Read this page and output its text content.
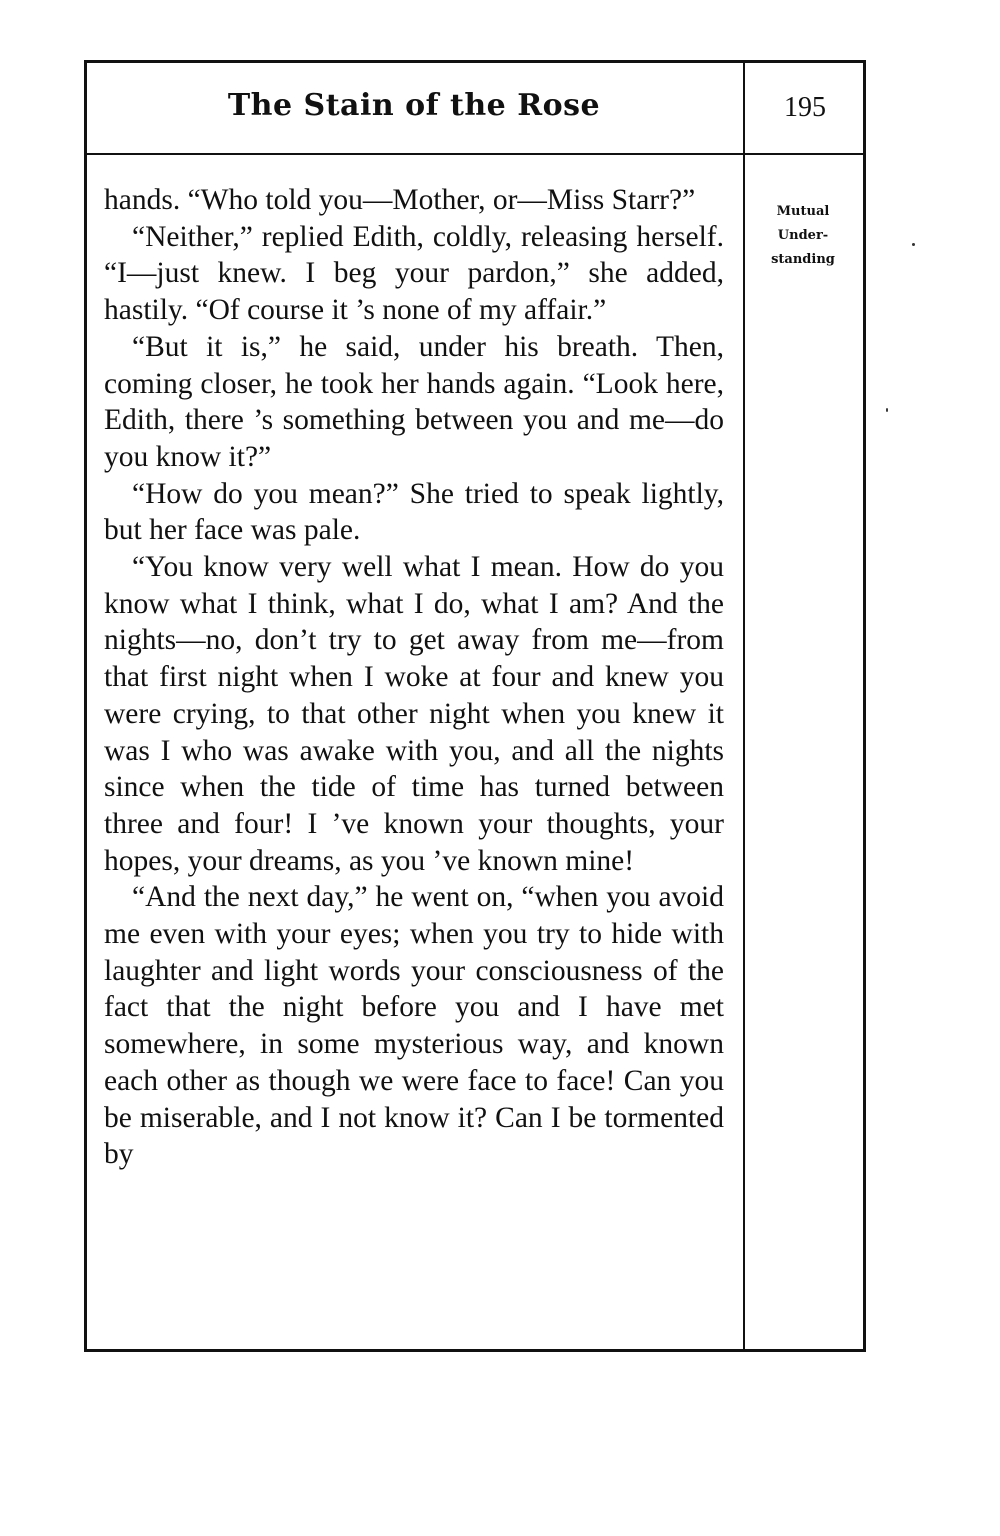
The Stain of the Rose	195

hands. “Who told you—Mother, or—Miss Starr?”

“Neither,” replied Edith, coldly, releasing herself. “I—just knew. I beg your pardon,” she added, hastily. “Of course it ’s none of my affair.”

“But it is,” he said, under his breath. Then, coming closer, he took her hands again. “Look here, Edith, there ’s something between you and me—do you know it?”

“How do you mean?” She tried to speak lightly, but her face was pale.

“You know very well what I mean. How do you know what I think, what I do, what I am? And the nights—no, don’t try to get away from me—from that first night when I woke at four and knew you were crying, to that other night when you knew it was I who was awake with you, and all the nights since when the tide of time has turned between three and four! I ’ve known your thoughts, your hopes, your dreams, as you ’ve known mine!

“And the next day,” he went on, “when you avoid me even with your eyes; when you try to hide with laughter and light words your consciousness of the fact that the night before you and I have met somewhere, in some mysterious way, and known each other as though we were face to face! Can you be miserable, and I not know it? Can I be tormented by

Mutual
Under-
standing
